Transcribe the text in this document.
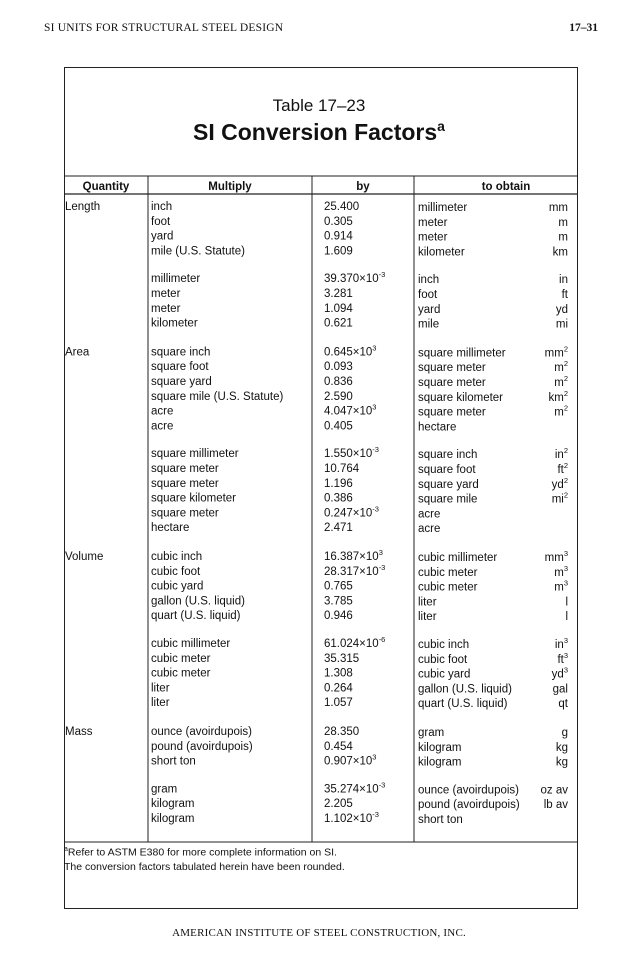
SI UNITS FOR STRUCTURAL STEEL DESIGN	17–31
Table 17–23
SI Conversion Factors$^a$
Quantity	Multiply	by	to obtain
Length	inch	25.400	millimeter	mm
foot	0.305	meter	m
yard	0.914	meter	m
mile (U.S. Statute)	1.609	kilometer	km
millimeter	$39.370\times 10^{-3}$	inch	in
meter	3.281	foot	ft
meter	1.094	yard	yd
kilometer	0.621	mile	mi
Area	square inch	$0.645\times 10^3$	square millimeter	$mm^2$
square foot	0.093	square meter	$m^2$
square yard	0.836	square meter	$m^2$
square mile (U.S. Statute)	2.590	square kilometer	$km^2$
acre	$4.047\times 10^3$	square meter	$m^2$
acre	0.405	hectare
square millimeter	$1.550\times 10^{-3}$	square inch	$in^2$
square meter	10.764	square foot	$ft^2$
square meter	1.196	square yard	$yd^2$
square kilometer	0.386	square mile	$mi^2$
square meter	$0.247\times 10^{-3}$	acre
hectare	2.471	acre
Volume	cubic inch	$16.387\times 10^3$	cubic millimeter	$mm^3$
cubic foot	$28.317\times 10^{-3}$	cubic meter	$m^3$
cubic yard	0.765	cubic meter	$m^3$
gallon (U.S. liquid)	3.785	liter	l
quart (U.S. liquid)	0.946	liter	l
cubic millimeter	$61.024\times 10^{-6}$	cubic inch	$in^3$
cubic meter	35.315	cubic foot	$ft^3$
cubic meter	1.308	cubic yard	$yd^3$
liter	0.264	gallon (U.S. liquid)	gal
liter	1.057	quart (U.S. liquid)	qt
Mass	ounce (avoirdupois)	28.350	gram	g
pound (avoirdupois)	0.454	kilogram	kg
short ton	$0.907\times 10^3$	kilogram	kg
gram	$35.274\times 10^{-3}$	ounce (avoirdupois) oz av
kilogram	2.205	pound (avoirdupois) lb av
kilogram	$1.102\times 10^{-3}$	short ton
$^a$Refer to ASTM E380 for more complete information on SI.
The conversion factors tabulated herein have been rounded.
AMERICAN INSTITUTE OF STEEL CONSTRUCTION, INC.
